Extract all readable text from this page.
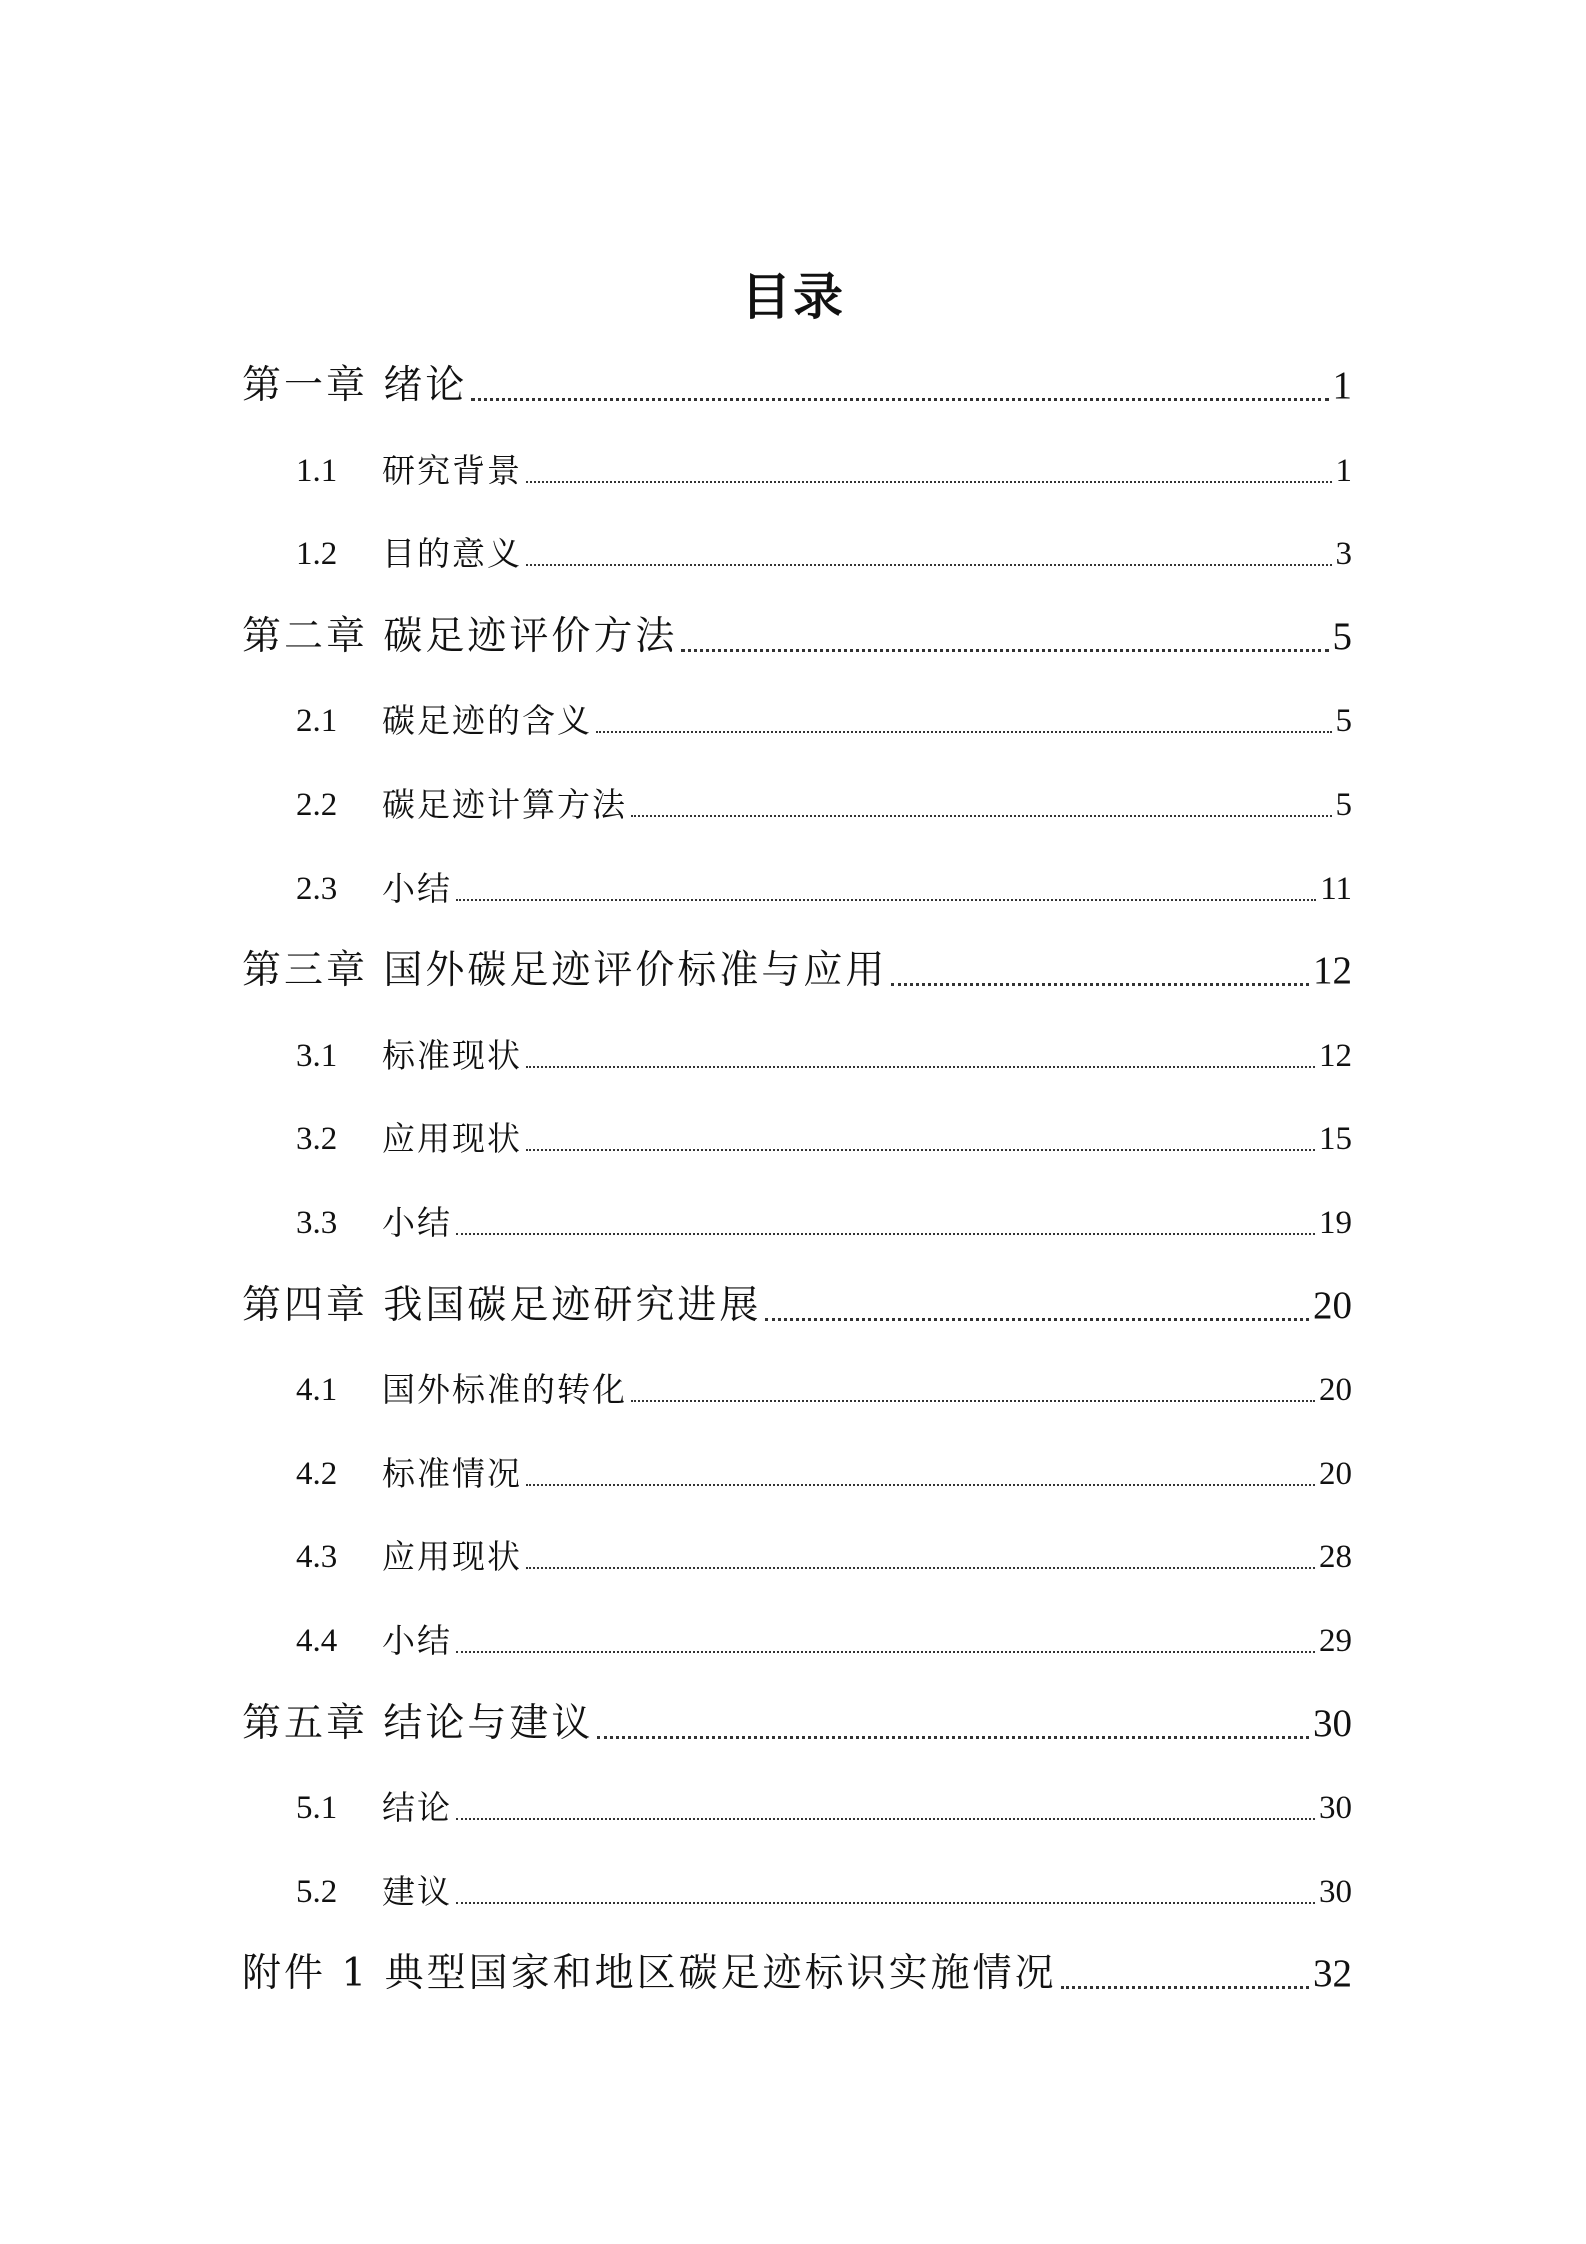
目录
第一章 绪论	1
1.1	研究背景	1
1.2	目的意义	3
第二章 碳足迹评价方法	5
2.1	碳足迹的含义	5
2.2	碳足迹计算方法	5
2.3	小结	11
第三章 国外碳足迹评价标准与应用	12
3.1	标准现状	12
3.2	应用现状	15
3.3	小结	19
第四章 我国碳足迹研究进展	20
4.1	国外标准的转化	20
4.2	标准情况	20
4.3	应用现状	28
4.4	小结	29
第五章 结论与建议	30
5.1	结论	30
5.2	建议	30
附件 1 典型国家和地区碳足迹标识实施情况	32
